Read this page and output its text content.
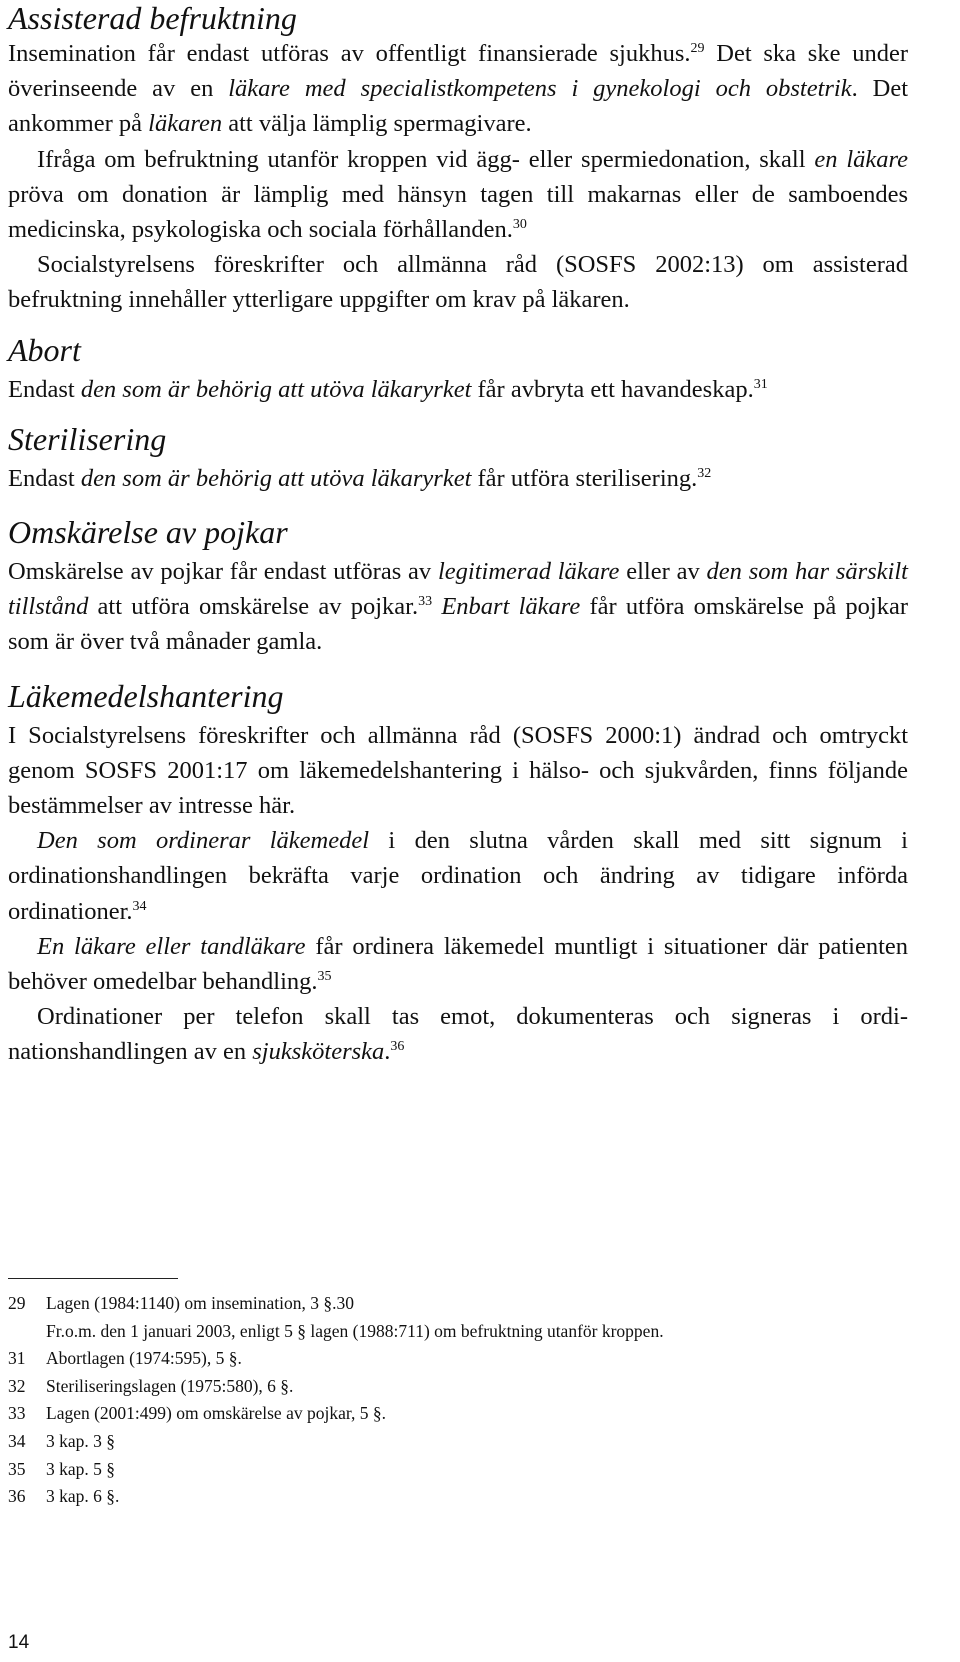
Assisterad befruktning

Insemination får endast utföras av offentligt finansierade sjukhus.$^{29}$ Det ska ske under överinseende av en läkare med specialistkompetens i gynekologi och obstetrik. Det ankommer på läkaren att välja lämplig spermagivare.

Ifråga om befruktning utanför kroppen vid ägg- eller spermiedonation, skall en läkare pröva om donation är lämplig med hänsyn tagen till makarnas eller de samboendes medicinska, psykologiska och sociala förhållanden.$^{30}$

Socialstyrelsens föreskrifter och allmänna råd (SOSFS 2002:13) om assisterad befruktning innehåller ytterligare uppgifter om krav på läkaren.

Abort

Endast den som är behörig att utöva läkaryrket får avbryta ett havandeskap.$^{31}$

Sterilisering

Endast den som är behörig att utöva läkaryrket får utföra sterilisering.$^{32}$

Omskärelse av pojkar

Omskärelse av pojkar får endast utföras av legitimerad läkare eller av den som har särskilt tillstånd att utföra omskärelse av pojkar.$^{33}$ Enbart läkare får utföra omskärelse på pojkar som är över två månader gamla.

Läkemedelshantering

I Socialstyrelsens föreskrifter och allmänna råd (SOSFS 2000:1) ändrad och omtryckt genom SOSFS 2001:17 om läkemedelshantering i hälso- och sjukvården, finns följande bestämmelser av intresse här.

Den som ordinerar läkemedel i den slutna vården skall med sitt signum i ordinationshandlingen bekräfta varje ordination och ändring av tidigare införda ordinationer.$^{34}$

En läkare eller tandläkare får ordinera läkemedel muntligt i situationer där patienten behöver omedelbar behandling.$^{35}$

Ordinationer per telefon skall tas emot, dokumenteras och signeras i ordinationshandlingen av en sjuksköterska.$^{36}$

29	Lagen (1984:1140) om insemination, 3 §.30
Fr.o.m. den 1 januari 2003, enligt 5 § lagen (1988:711) om befruktning utanför kroppen.
31	Abortlagen (1974:595), 5 §.
32	Steriliseringslagen (1975:580), 6 §.
33	Lagen (2001:499) om omskärelse av pojkar, 5 §.
34	3 kap. 3 §
35	3 kap. 5 §
36	3 kap. 6 §.
14
